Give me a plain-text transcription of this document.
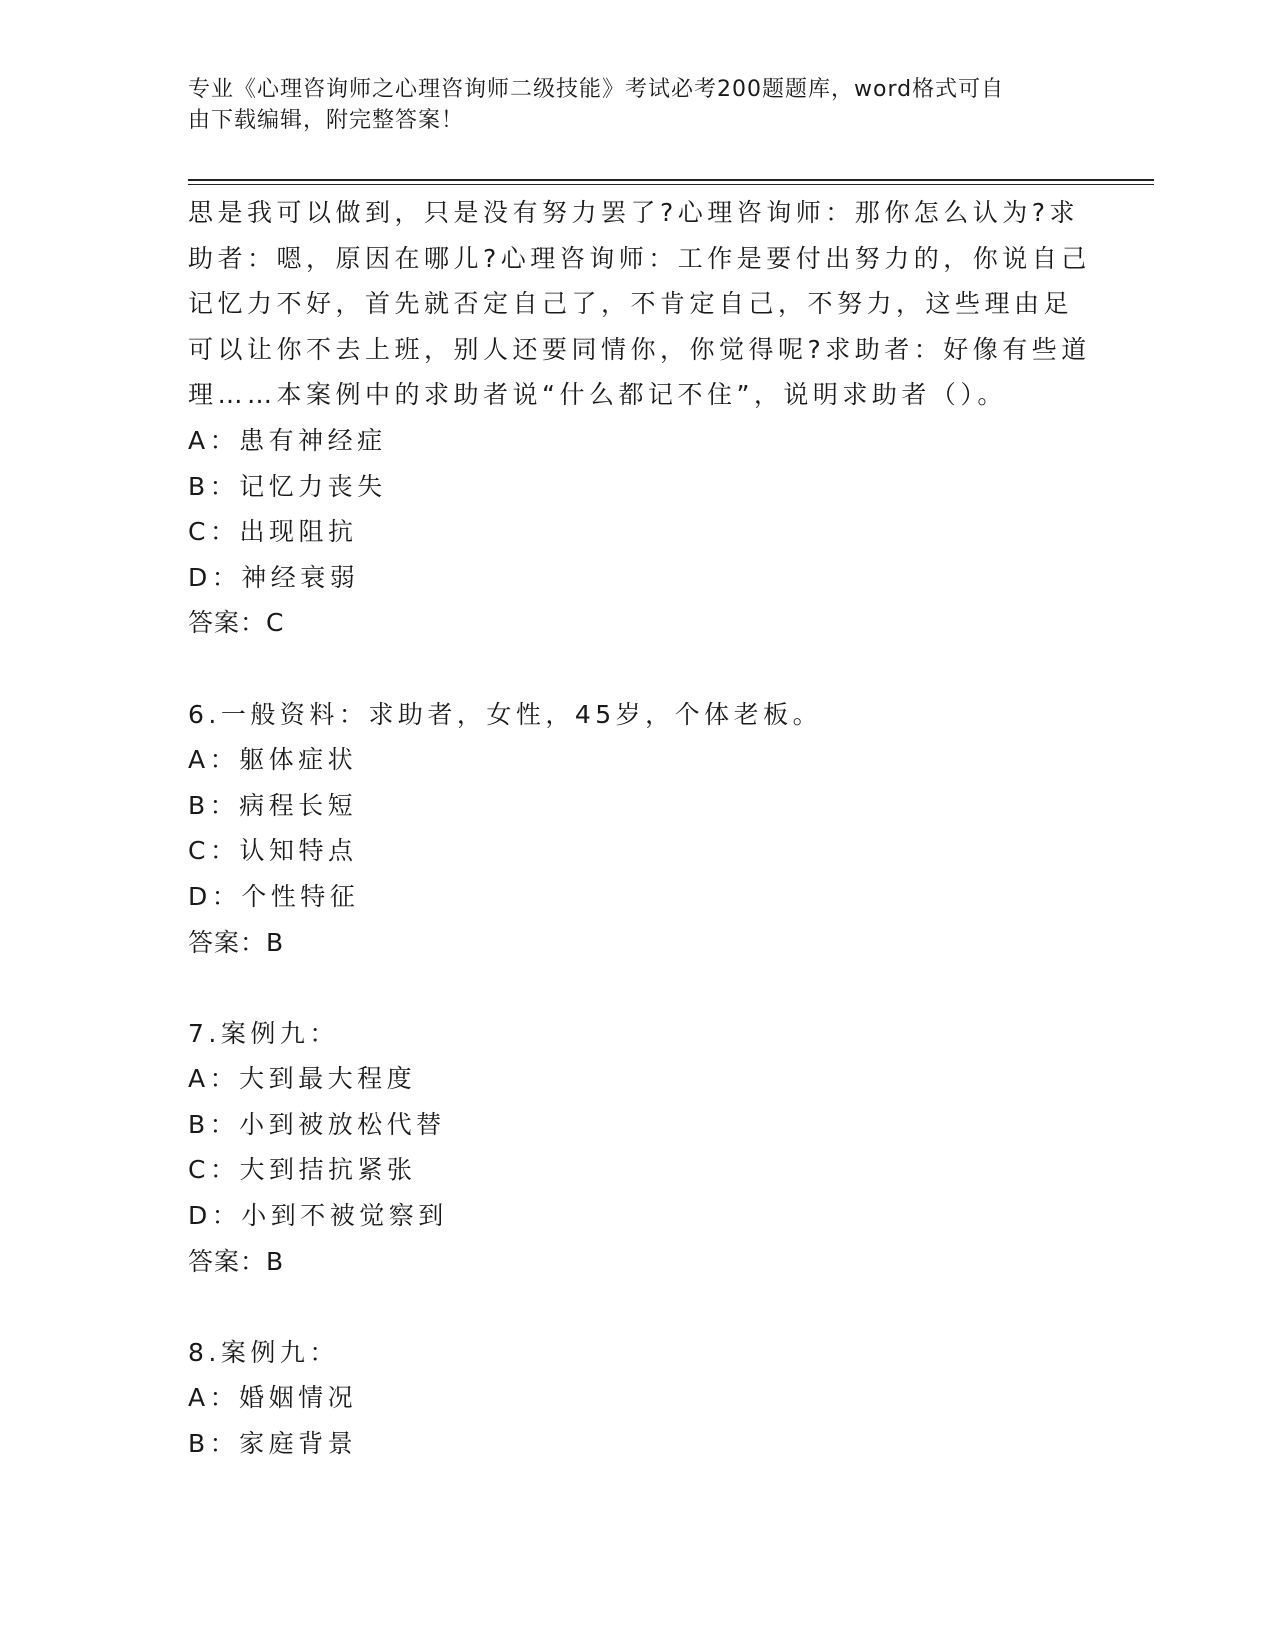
专业《心理咨询师之心理咨询师二级技能》考试必考200题题库，word格式可自
由下载编辑，附完整答案！
思是我可以做到，只是没有努力罢了?心理咨询师：那你怎么认为?求
助者：嗯，原因在哪儿?心理咨询师：工作是要付出努力的，你说自己
记忆力不好，首先就否定自己了，不肯定自己，不努力，这些理由足
可以让你不去上班，别人还要同情你，你觉得呢?求助者：好像有些道
理……本案例中的求助者说“什么都记不住”，说明求助者（）。
A：患有神经症
B：记忆力丧失
C：出现阻抗
D：神经衰弱
答案：C
6.一般资料：求助者，女性，45岁，个体老板。
A：躯体症状
B：病程长短
C：认知特点
D：个性特征
答案：B
7.案例九：
A：大到最大程度
B：小到被放松代替
C：大到拮抗紧张
D：小到不被觉察到
答案：B
8.案例九：
A：婚姻情况
B：家庭背景
